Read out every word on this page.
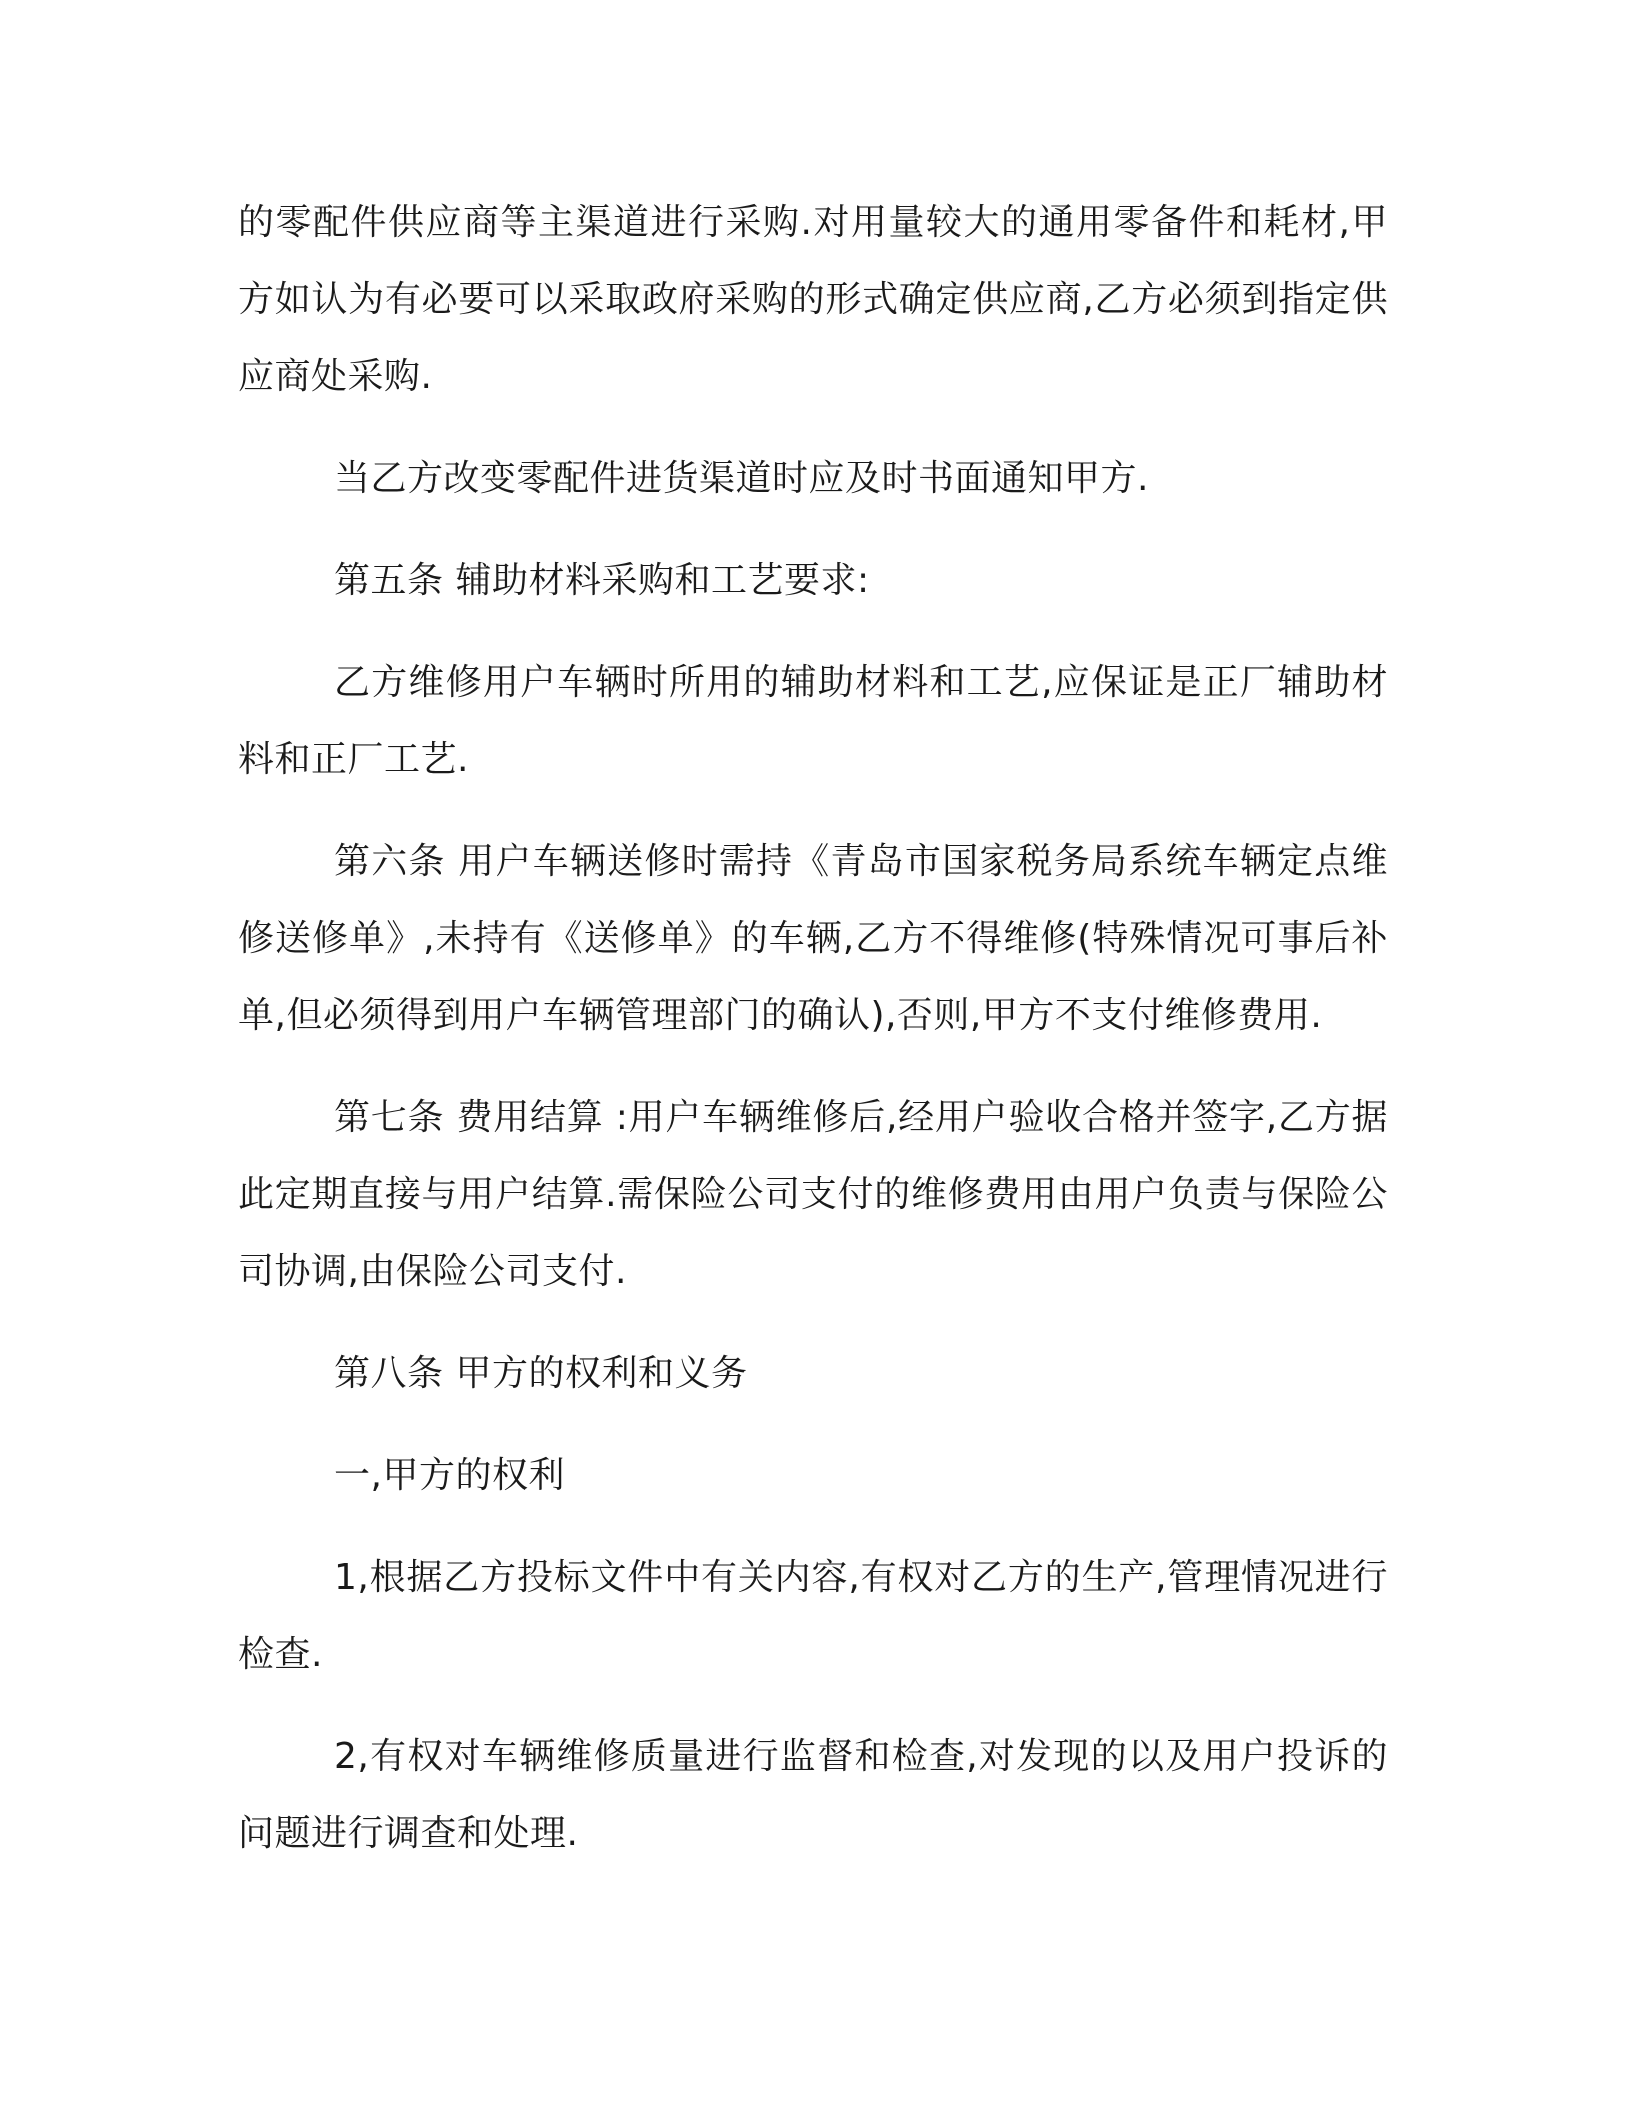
的零配件供应商等主渠道进行采购.对用量较大的通用零备件和耗材,甲方如认为有必要可以采取政府采购的形式确定供应商,乙方必须到指定供应商处采购.

当乙方改变零配件进货渠道时应及时书面通知甲方.

第五条 辅助材料采购和工艺要求:

乙方维修用户车辆时所用的辅助材料和工艺,应保证是正厂辅助材料和正厂工艺.

第六条 用户车辆送修时需持《青岛市国家税务局系统车辆定点维修送修单》,未持有《送修单》的车辆,乙方不得维修(特殊情况可事后补单,但必须得到用户车辆管理部门的确认),否则,甲方不支付维修费用.

第七条 费用结算 :用户车辆维修后,经用户验收合格并签字,乙方据此定期直接与用户结算.需保险公司支付的维修费用由用户负责与保险公司协调,由保险公司支付.

第八条 甲方的权利和义务

一,甲方的权利

1,根据乙方投标文件中有关内容,有权对乙方的生产,管理情况进行检查.

2,有权对车辆维修质量进行监督和检查,对发现的以及用户投诉的问题进行调查和处理.
